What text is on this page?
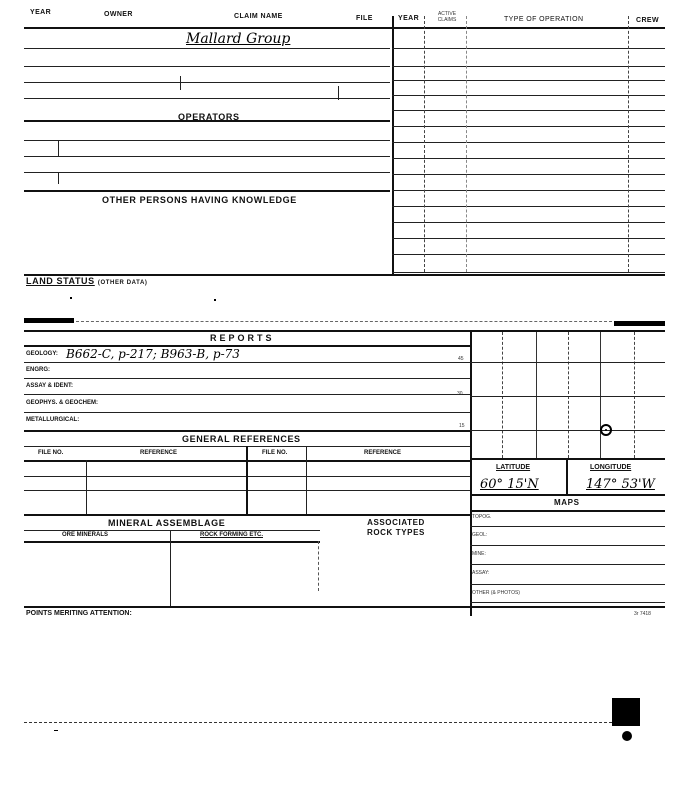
YEAR	OWNER	CLAIM NAME	FILE	YEAR
ACTIVE CLAIMS	TYPE OF OPERATION	CREW
Mallard Group
OPERATORS
OTHER PERSONS HAVING KNOWLEDGE
LAND STATUS (OTHER DATA)
REPORTS
GEOLOGY: B662-C, p-217; B963-B, p-73
ENGRG:
ASSAY & IDENT:
GEOPHYS. & GEOCHEM:
METALLURGICAL:
45
30
15
LATITUDE	LONGITUDE
60° 15'N	147° 53'W
MAPS
TOPOG.
GEOL:
MINE:
ASSAY:
OTHER (& PHOTOS)
GENERAL REFERENCES
FILE NO.	REFERENCE	FILE NO.	REFERENCE
MINERAL ASSEMBLAGE	ASSOCIATED ROCK TYPES
ORE MINERALS	ROCK FORMING ETC.
POINTS MERITING ATTENTION:	3r 7418
